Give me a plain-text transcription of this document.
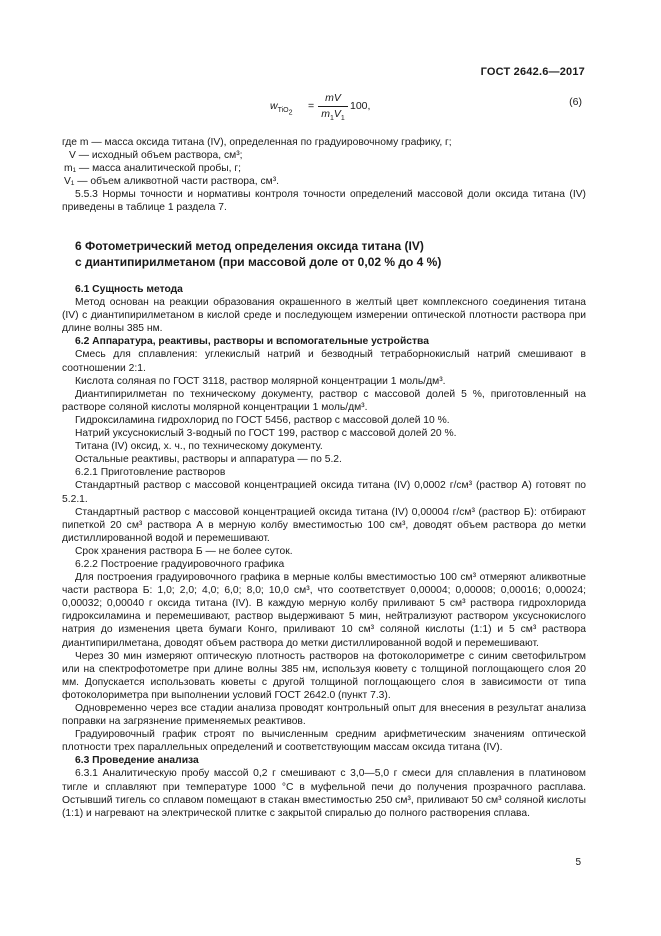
ГОСТ 2642.6—2017
$w_{TiO_2}$
=
mV
$m_1V_1$
100,	(6)
где m — масса оксида титана (IV), определенная по градуировочному графику, г;
V — исходный объем раствора, см³;
m₁ — масса аналитической пробы, г;
V₁ — объем аликвотной части раствора, см³.

5.5.3 Нормы точности и нормативы контроля точности определений массовой доли оксида титана (IV) приведены в таблице 1 раздела 7.

6 Фотометрический метод определения оксида титана (IV)
с диантипирилметаном (при массовой доле от 0,02 % до 4 %)

6.1 Сущность метода

Метод основан на реакции образования окрашенного в желтый цвет комплексного соединения титана (IV) с диантипирилметаном в кислой среде и последующем измерении оптической плотности раствора при длине волны 385 нм.

6.2 Аппаратура, реактивы, растворы и вспомогательные устройства

Смесь для сплавления: углекислый натрий и безводный тетраборнокислый натрий смешивают в соотношении 2:1.

Кислота соляная по ГОСТ 3118, раствор молярной концентрации 1 моль/дм³.

Диантипирилметан по техническому документу, раствор с массовой долей 5 %, приготовленный на растворе соляной кислоты молярной концентрации 1 моль/дм³.

Гидроксиламина гидрохлорид по ГОСТ 5456, раствор с массовой долей 10 %.

Натрий уксуснокислый 3-водный по ГОСТ 199, раствор с массовой долей 20 %.

Титана (IV) оксид, х. ч., по техническому документу.

Остальные реактивы, растворы и аппаратура — по 5.2.

6.2.1 Приготовление растворов

Стандартный раствор с массовой концентрацией оксида титана (IV) 0,0002 г/см³ (раствор А) готовят по 5.2.1.

Стандартный раствор с массовой концентрацией оксида титана (IV) 0,00004 г/см³ (раствор Б): отбирают пипеткой 20 см³ раствора А в мерную колбу вместимостью 100 см³, доводят объем раствора до метки дистиллированной водой и перемешивают.

Срок хранения раствора Б — не более суток.

6.2.2 Построение градуировочного графика

Для построения градуировочного графика в мерные колбы вместимостью 100 см³ отмеряют аликвотные части раствора Б: 1,0; 2,0; 4,0; 6,0; 8,0; 10,0 см³, что соответствует 0,00004; 0,00008; 0,00016; 0,00024; 0,00032; 0,00040 г оксида титана (IV). В каждую мерную колбу приливают 5 см³ раствора гидрохлорида гидроксиламина и перемешивают, раствор выдерживают 5 мин, нейтрализуют раствором уксуснокислого натрия до изменения цвета бумаги Конго, приливают 10 см³ соляной кислоты (1:1) и 5 см³ раствора диантипирилметана, доводят объем раствора до метки дистиллированной водой и перемешивают.

Через 30 мин измеряют оптическую плотность растворов на фотоколориметре с синим светофильтром или на спектрофотометре при длине волны 385 нм, используя кювету с толщиной поглощающего слоя 20 мм. Допускается использовать кюветы с другой толщиной поглощающего слоя в зависимости от типа фотоколориметра при выполнении условий ГОСТ 2642.0 (пункт 7.3).

Одновременно через все стадии анализа проводят контрольный опыт для внесения в результат анализа поправки на загрязнение применяемых реактивов.

Градуировочный график строят по вычисленным средним арифметическим значениям оптической плотности трех параллельных определений и соответствующим массам оксида титана (IV).

6.3 Проведение анализа

6.3.1 Аналитическую пробу массой 0,2 г смешивают с 3,0—5,0 г смеси для сплавления в платиновом тигле и сплавляют при температуре 1000 °С в муфельной печи до получения прозрачного расплава. Остывший тигель со сплавом помещают в стакан вместимостью 250 см³, приливают 50 см³ соляной кислоты (1:1) и нагревают на электрической плитке с закрытой спиралью до полного растворения сплава.

5
